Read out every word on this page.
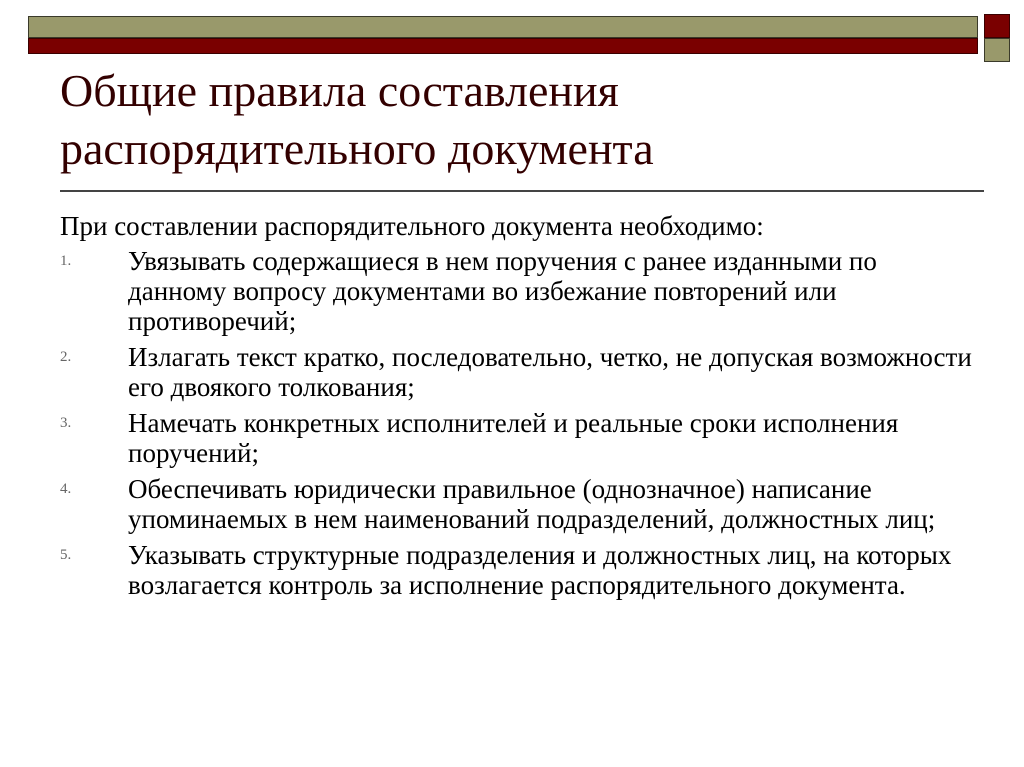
Общие правила составления распорядительного документа

При составлении распорядительного документа необходимо:

1. Увязывать содержащиеся в нем поручения с ранее изданными по данному вопросу документами во избежание повторений или противоречий;
2. Излагать текст кратко, последовательно, четко, не допуская возможности его двоякого толкования;
3. Намечать конкретных исполнителей и реальные сроки исполнения поручений;
4. Обеспечивать юридически правильное (однозначное) написание упоминаемых в нем наименований подразделений, должностных лиц;
5. Указывать структурные подразделения и должностных лиц, на которых возлагается контроль за исполнение распорядительного документа.
